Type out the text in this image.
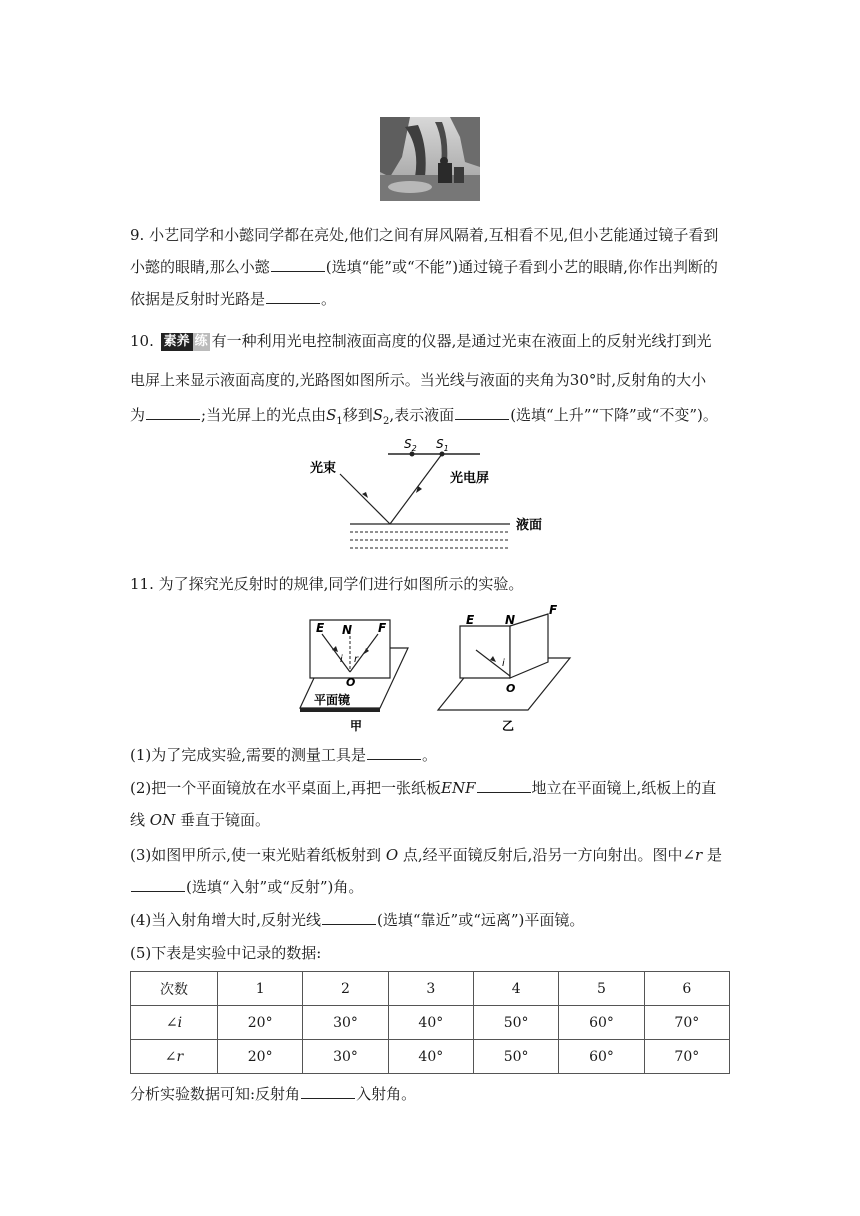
9. 小艺同学和小懿同学都在亮处,他们之间有屏风隔着,互相看不见,但小艺能通过镜子看到
小懿的眼睛,那么小懿	(选填“能”或“不能”)通过镜子看到小艺的眼睛,你作出判断的
依据是反射时光路是	。
10. 素养 练 有一种利用光电控制液面高度的仪器,是通过光束在液面上的反射光线打到光
电屏上来显示液面高度的,光路图如图所示。当光线与液面的夹角为30°时,反射角的大小
为	;当光屏上的光点由$S_1$移到$S_2$,表示液面	(选填“上升”“下降”或“不变”)。
$S_2$ $S_1$
光束
光电屏
液面
11. 为了探究光反射时的规律,同学们进行如图所示的实验。
E N F
O
i r
平面镜
甲
E	N
F
O
i
乙
(1)为了完成实验,需要的测量工具是	。
(2)把一个平面镜放在水平桌面上,再把一张纸板ENF	地立在平面镜上,纸板上的直
线 ON 垂直于镜面。
(3)如图甲所示,使一束光贴着纸板射到 O 点,经平面镜反射后,沿另一方向射出。图中∠r 是
(选填“入射”或“反射”)角。
(4)当入射角增大时,反射光线	(选填“靠近”或“远离”)平面镜。
(5)下表是实验中记录的数据:
次数	1	2	3	4	5	6
∠i	20°	30°	40°	50°	60°	70°
∠r	20°	30°	40°	50°	60°	70°
分析实验数据可知:反射角	入射角。
